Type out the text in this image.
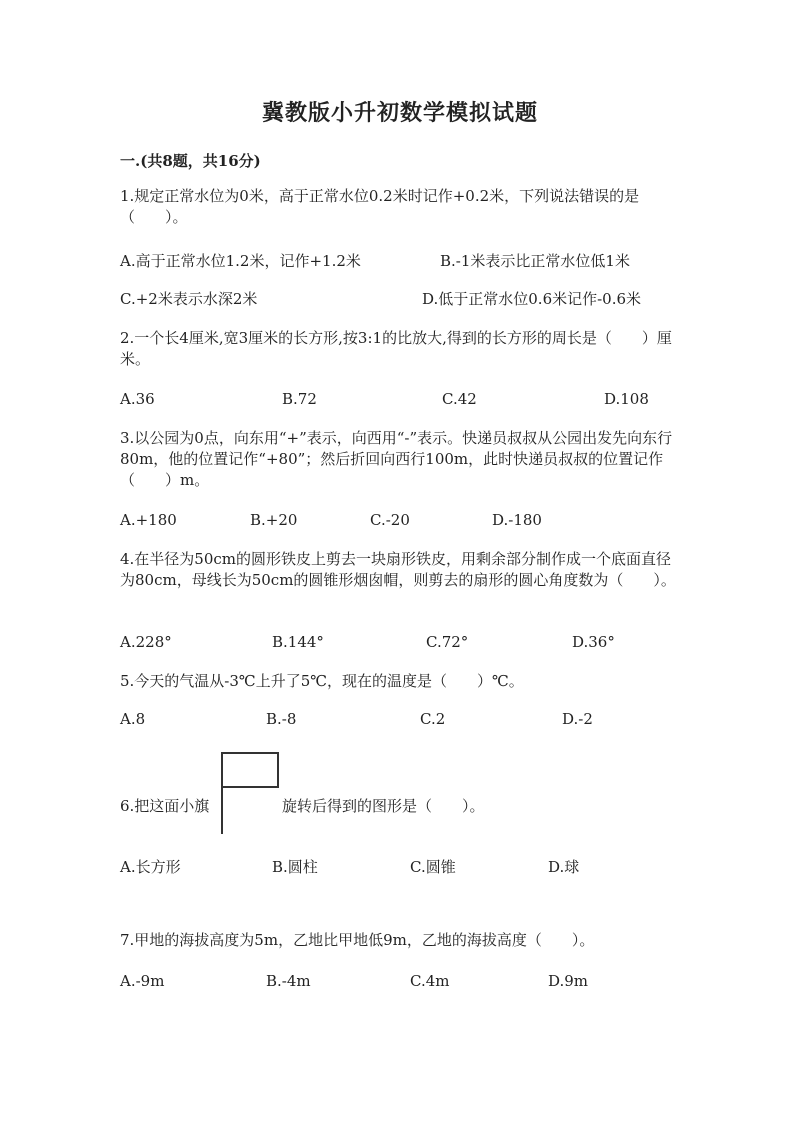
冀教版小升初数学模拟试题
一.(共8题，共16分)
1.规定正常水位为0米，高于正常水位0.2米时记作+0.2米，下列说法错误的是（　　）。
A.高于正常水位1.2米，记作+1.2米	B.-1米表示比正常水位低1米
C.+2米表示水深2米	D.低于正常水位0.6米记作-0.6米
2.一个长4厘米,宽3厘米的长方形,按3:1的比放大,得到的长方形的周长是（　　）厘米。
A.36	B.72	C.42	D.108
3.以公园为0点，向东用“+”表示，向西用“-”表示。快递员叔叔从公园出发先向东行80m，他的位置记作“+80”；然后折回向西行100m，此时快递员叔叔的位置记作（　　）m。
A.+180	B.+20	C.-20	D.-180
4.在半径为50cm的圆形铁皮上剪去一块扇形铁皮，用剩余部分制作成一个底面直径为80cm，母线长为50cm的圆锥形烟囱帽，则剪去的扇形的圆心角度数为（　　）。
A.228°	B.144°	C.72°	D.36°
5.今天的气温从-3℃上升了5℃，现在的温度是（　　）℃。
A.8	B.-8	C.2	D.-2
6.把这面小旗	旋转后得到的图形是（　　）。
A.长方形	B.圆柱	C.圆锥	D.球
7.甲地的海拔高度为5m，乙地比甲地低9m，乙地的海拔高度（　　）。
A.-9m	B.-4m	C.4m	D.9m
